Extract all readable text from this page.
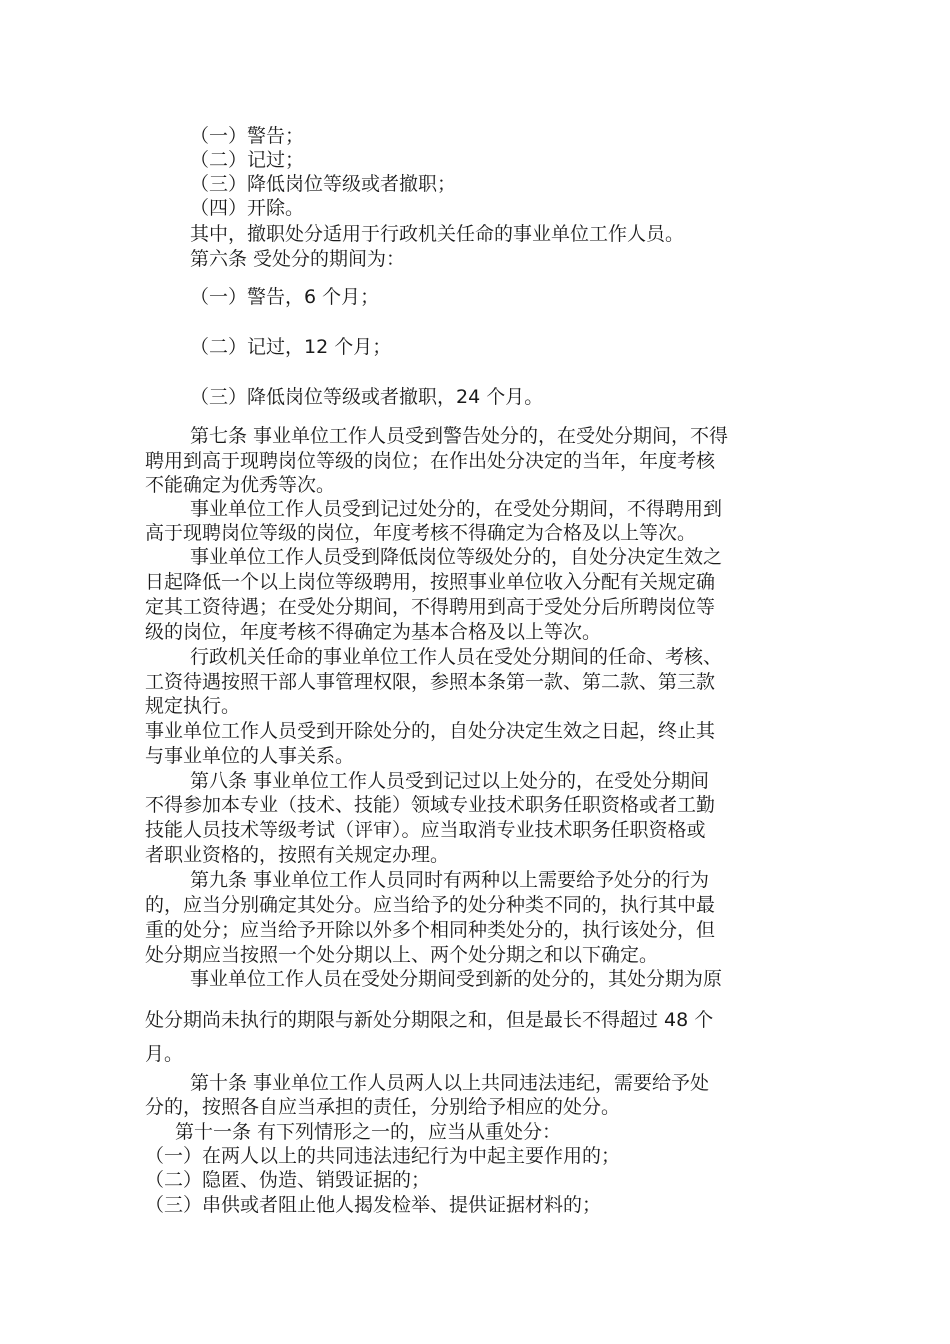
（一）警告；
（二）记过；
（三）降低岗位等级或者撤职；
（四）开除。
其中，撤职处分适用于行政机关任命的事业单位工作人员。
第六条 受处分的期间为：
（一）警告，6 个月；
（二）记过，12 个月；
（三）降低岗位等级或者撤职，24 个月。
第七条 事业单位工作人员受到警告处分的，在受处分期间，不得
聘用到高于现聘岗位等级的岗位；在作出处分决定的当年，年度考核
不能确定为优秀等次。
事业单位工作人员受到记过处分的，在受处分期间，不得聘用到
高于现聘岗位等级的岗位，年度考核不得确定为合格及以上等次。
事业单位工作人员受到降低岗位等级处分的，自处分决定生效之
日起降低一个以上岗位等级聘用，按照事业单位收入分配有关规定确
定其工资待遇；在受处分期间，不得聘用到高于受处分后所聘岗位等
级的岗位，年度考核不得确定为基本合格及以上等次。
行政机关任命的事业单位工作人员在受处分期间的任命、考核、
工资待遇按照干部人事管理权限，参照本条第一款、第二款、第三款
规定执行。
事业单位工作人员受到开除处分的，自处分决定生效之日起，终止其
与事业单位的人事关系。
第八条 事业单位工作人员受到记过以上处分的，在受处分期间
不得参加本专业（技术、技能）领域专业技术职务任职资格或者工勤
技能人员技术等级考试（评审）。应当取消专业技术职务任职资格或
者职业资格的，按照有关规定办理。
第九条 事业单位工作人员同时有两种以上需要给予处分的行为
的，应当分别确定其处分。应当给予的处分种类不同的，执行其中最
重的处分；应当给予开除以外多个相同种类处分的，执行该处分，但
处分期应当按照一个处分期以上、两个处分期之和以下确定。
事业单位工作人员在受处分期间受到新的处分的，其处分期为原
处分期尚未执行的期限与新处分期限之和，但是最长不得超过 48 个
月。
第十条 事业单位工作人员两人以上共同违法违纪，需要给予处
分的，按照各自应当承担的责任，分别给予相应的处分。
第十一条 有下列情形之一的，应当从重处分：
（一）在两人以上的共同违法违纪行为中起主要作用的；
（二）隐匿、伪造、销毁证据的；
（三）串供或者阻止他人揭发检举、提供证据材料的；
